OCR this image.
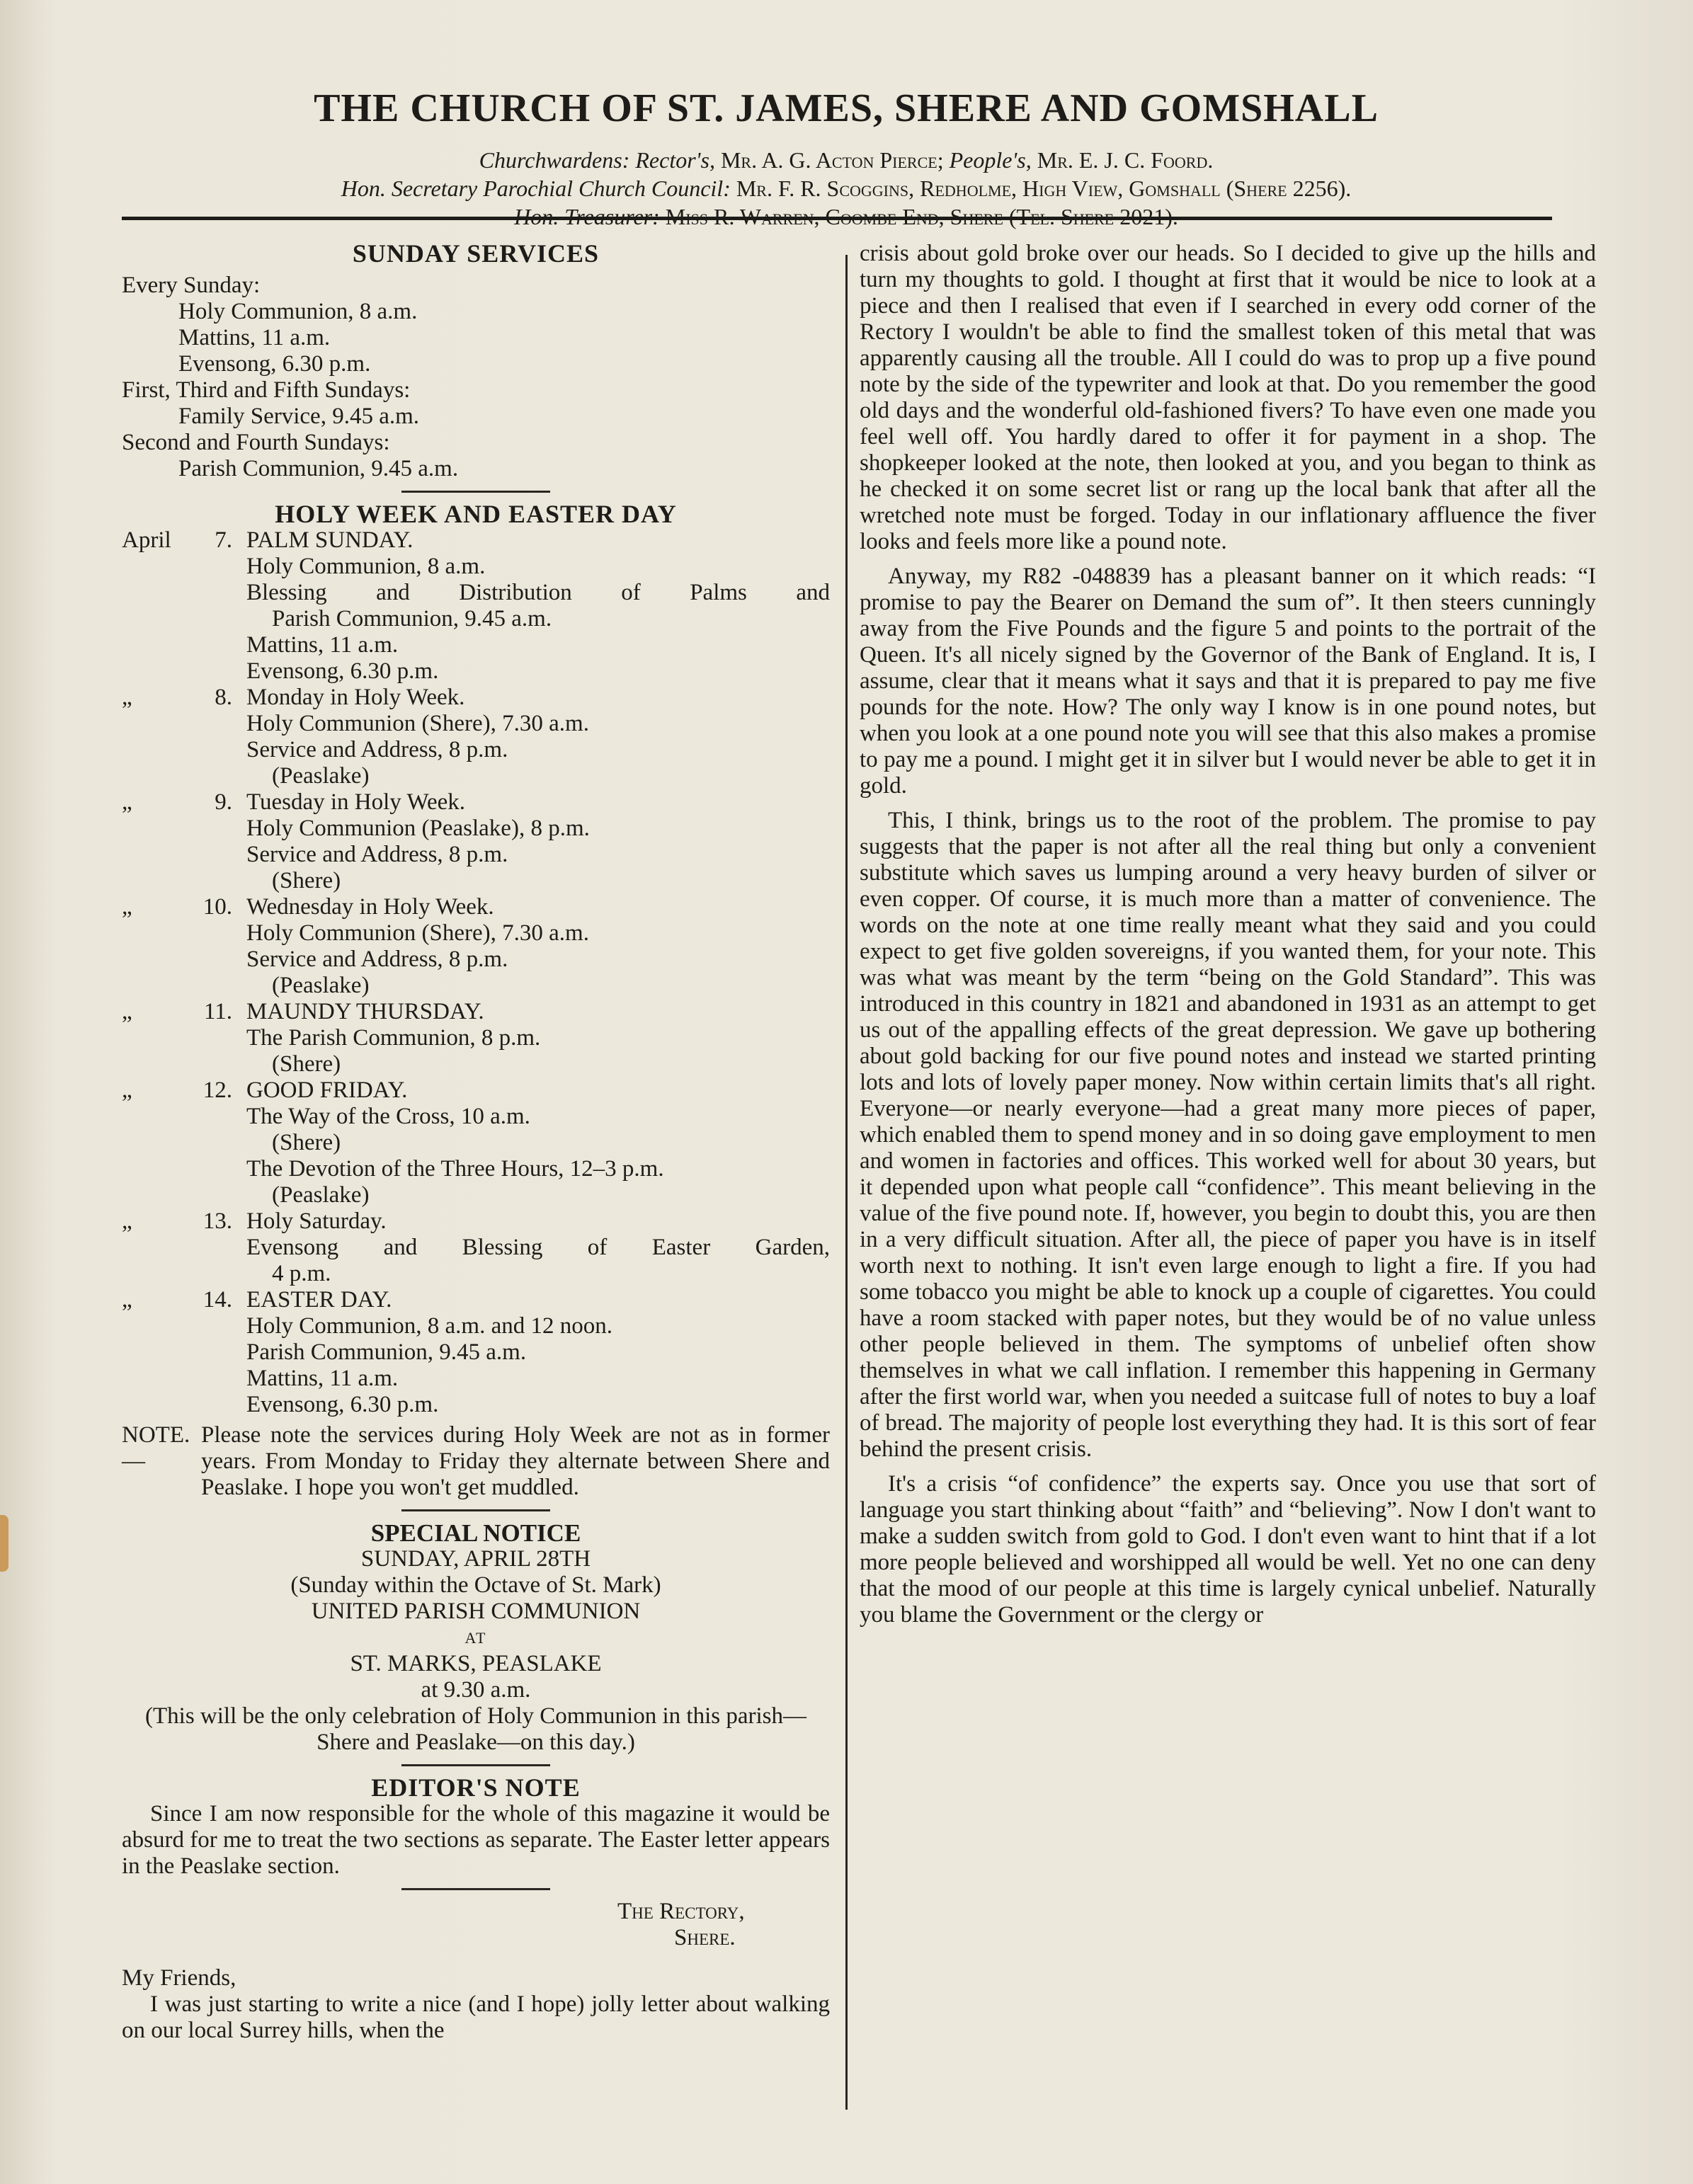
THE CHURCH OF ST. JAMES, SHERE AND GOMSHALL
Churchwardens: Rector's, Mr. A. G. Acton Pierce; People's, Mr. E. J. C. Foord.
Hon. Secretary Parochial Church Council: Mr. F. R. Scoggins, Redholme, High View, Gomshall (Shere 2256).
SUNDAY SERVICES
Every Sunday:
Holy Communion, 8 a.m.
Mattins, 11 a.m.
Evensong, 6.30 p.m.
First, Third and Fifth Sundays:
Family Service, 9.45 a.m.
Second and Fourth Sundays:
Parish Communion, 9.45 a.m.
HOLY WEEK AND EASTER DAY
April	7. PALM SUNDAY.
Holy Communion, 8 a.m.
Blessing and Distribution of Palms and
Parish Communion, 9.45 a.m.
Mattins, 11 a.m.
Evensong, 6.30 p.m.
„	8. Monday in Holy Week.
Holy Communion (Shere), 7.30 a.m.
Service and Address, 8 p.m.
(Peaslake)
„	9. Tuesday in Holy Week.
Holy Communion (Peaslake), 8 p.m.
Service and Address, 8 p.m.
(Shere)
„	10. Wednesday in Holy Week.
Holy Communion (Shere), 7.30 a.m.
Service and Address, 8 p.m.
(Peaslake)
„	11. MAUNDY THURSDAY.
The Parish Communion, 8 p.m.
(Shere)
„	12. GOOD FRIDAY.
The Way of the Cross, 10 a.m.
(Shere)
The Devotion of the Three Hours, 12–3 p.m.
(Peaslake)
„	13. Holy Saturday.
Evensong and Blessing of Easter Garden,
4 p.m.
„	14. EASTER DAY.
Holy Communion, 8 a.m. and 12 noon.
Parish Communion, 9.45 a.m.
Mattins, 11 a.m.
Evensong, 6.30 p.m.
NOTE.—
Please note the services during Holy Week are not as in former years. From Monday to Friday they alternate between Shere and Peaslake. I hope you won't get muddled.
SPECIAL NOTICE
SUNDAY, APRIL 28TH
(Sunday within the Octave of St. Mark)
UNITED PARISH COMMUNION
AT
ST. MARKS, PEASLAKE
at 9.30 a.m.
(This will be the only celebration of Holy Communion in this parish—Shere and Peaslake—on this day.)
EDITOR'S NOTE

Since I am now responsible for the whole of this magazine it would be absurd for me to treat the two sections as separate. The Easter letter appears in the Peaslake section.

The Rectory,
Shere.
My Friends,

I was just starting to write a nice (and I hope) jolly letter about walking on our local Surrey hills, when the

crisis about gold broke over our heads. So I decided to give up the hills and turn my thoughts to gold. I thought at first that it would be nice to look at a piece and then I realised that even if I searched in every odd corner of the Rectory I wouldn't be able to find the smallest token of this metal that was apparently causing all the trouble. All I could do was to prop up a five pound note by the side of the typewriter and look at that. Do you remember the good old days and the wonderful old-fashioned fivers? To have even one made you feel well off. You hardly dared to offer it for payment in a shop. The shopkeeper looked at the note, then looked at you, and you began to think as he checked it on some secret list or rang up the local bank that after all the wretched note must be forged. Today in our inflationary affluence the fiver looks and feels more like a pound note.

Anyway, my R82 -048839 has a pleasant banner on it which reads: “I promise to pay the Bearer on Demand the sum of”. It then steers cunningly away from the Five Pounds and the figure 5 and points to the portrait of the Queen. It's all nicely signed by the Governor of the Bank of England. It is, I assume, clear that it means what it says and that it is prepared to pay me five pounds for the note. How? The only way I know is in one pound notes, but when you look at a one pound note you will see that this also makes a promise to pay me a pound. I might get it in silver but I would never be able to get it in gold.

This, I think, brings us to the root of the problem. The promise to pay suggests that the paper is not after all the real thing but only a convenient substitute which saves us lumping around a very heavy burden of silver or even copper. Of course, it is much more than a matter of convenience. The words on the note at one time really meant what they said and you could expect to get five golden sovereigns, if you wanted them, for your note. This was what was meant by the term “being on the Gold Standard”. This was introduced in this country in 1821 and abandoned in 1931 as an attempt to get us out of the appalling effects of the great depression. We gave up bothering about gold backing for our five pound notes and instead we started printing lots and lots of lovely paper money. Now within certain limits that's all right. Everyone—or nearly everyone—had a great many more pieces of paper, which enabled them to spend money and in so doing gave employment to men and women in factories and offices. This worked well for about 30 years, but it depended upon what people call “confidence”. This meant believing in the value of the five pound note. If, however, you begin to doubt this, you are then in a very difficult situation. After all, the piece of paper you have is in itself worth next to nothing. It isn't even large enough to light a fire. If you had some tobacco you might be able to knock up a couple of cigarettes. You could have a room stacked with paper notes, but they would be of no value unless other people believed in them. The symptoms of unbelief often show themselves in what we call inflation. I remember this happening in Germany after the first world war, when you needed a suitcase full of notes to buy a loaf of bread. The majority of people lost everything they had. It is this sort of fear behind the present crisis.

It's a crisis “of confidence” the experts say. Once you use that sort of language you start thinking about “faith” and “believing”. Now I don't want to make a sudden switch from gold to God. I don't even want to hint that if a lot more people believed and worshipped all would be well. Yet no one can deny that the mood of our people at this time is largely cynical unbelief. Naturally you blame the Government or the clergy or
